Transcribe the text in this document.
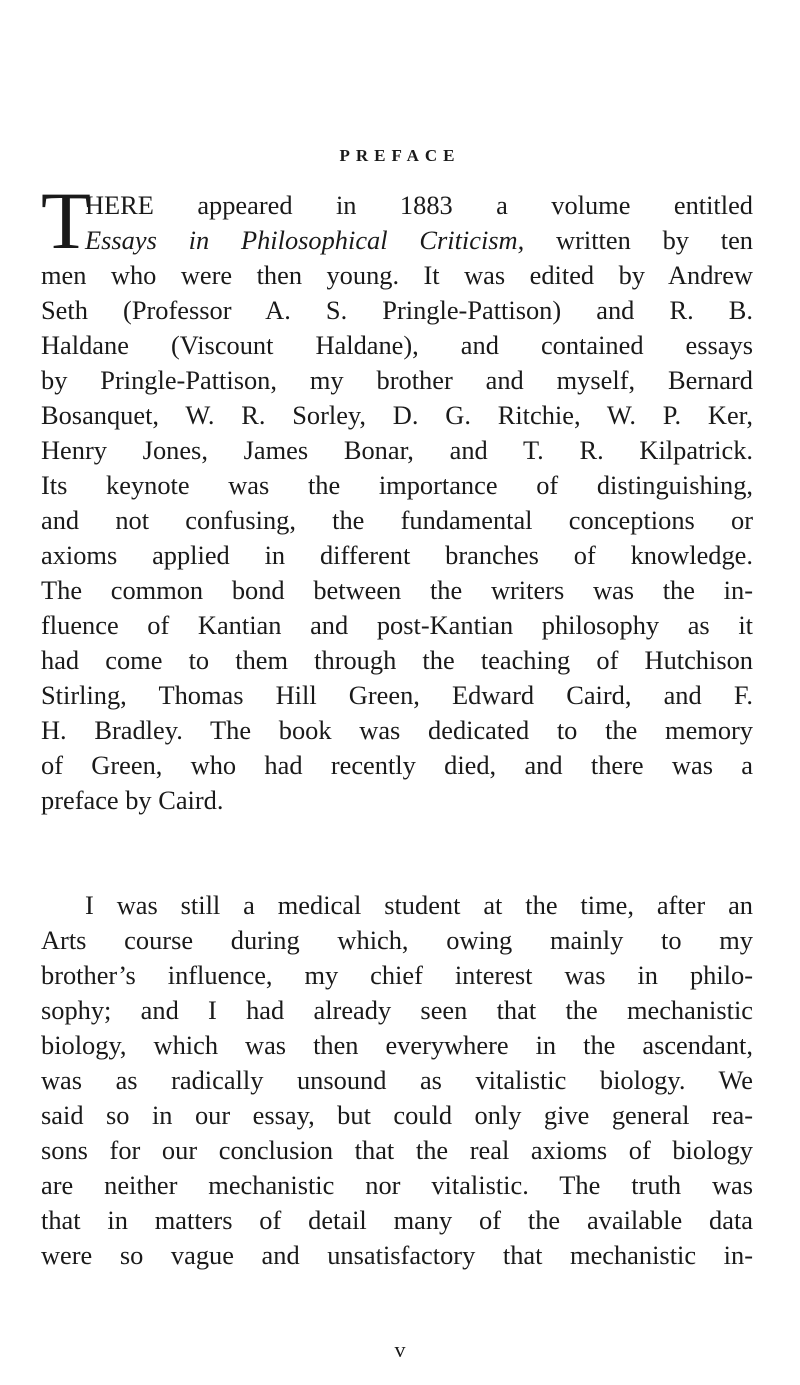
PREFACE
T
HERE appeared in 1883 a volume entitled
Essays in Philosophical Criticism, written by ten
men who were then young. It was edited by Andrew
Seth (Professor A. S. Pringle-Pattison) and R. B.
Haldane (Viscount Haldane), and contained essays
by Pringle-Pattison, my brother and myself, Bernard
Bosanquet, W. R. Sorley, D. G. Ritchie, W. P. Ker,
Henry Jones, James Bonar, and T. R. Kilpatrick.
Its keynote was the importance of distinguishing,
and not confusing, the fundamental conceptions or
axioms applied in different branches of knowledge.
The common bond between the writers was the in-
fluence of Kantian and post-Kantian philosophy as it
had come to them through the teaching of Hutchison
Stirling, Thomas Hill Green, Edward Caird, and F.
H. Bradley. The book was dedicated to the memory
of Green, who had recently died, and there was a
preface by Caird.
I was still a medical student at the time, after an
Arts course during which, owing mainly to my
brother’s influence, my chief interest was in philo-
sophy; and I had already seen that the mechanistic
biology, which was then everywhere in the ascendant,
was as radically unsound as vitalistic biology. We
said so in our essay, but could only give general rea-
sons for our conclusion that the real axioms of biology
are neither mechanistic nor vitalistic. The truth was
that in matters of detail many of the available data
were so vague and unsatisfactory that mechanistic in-
v
